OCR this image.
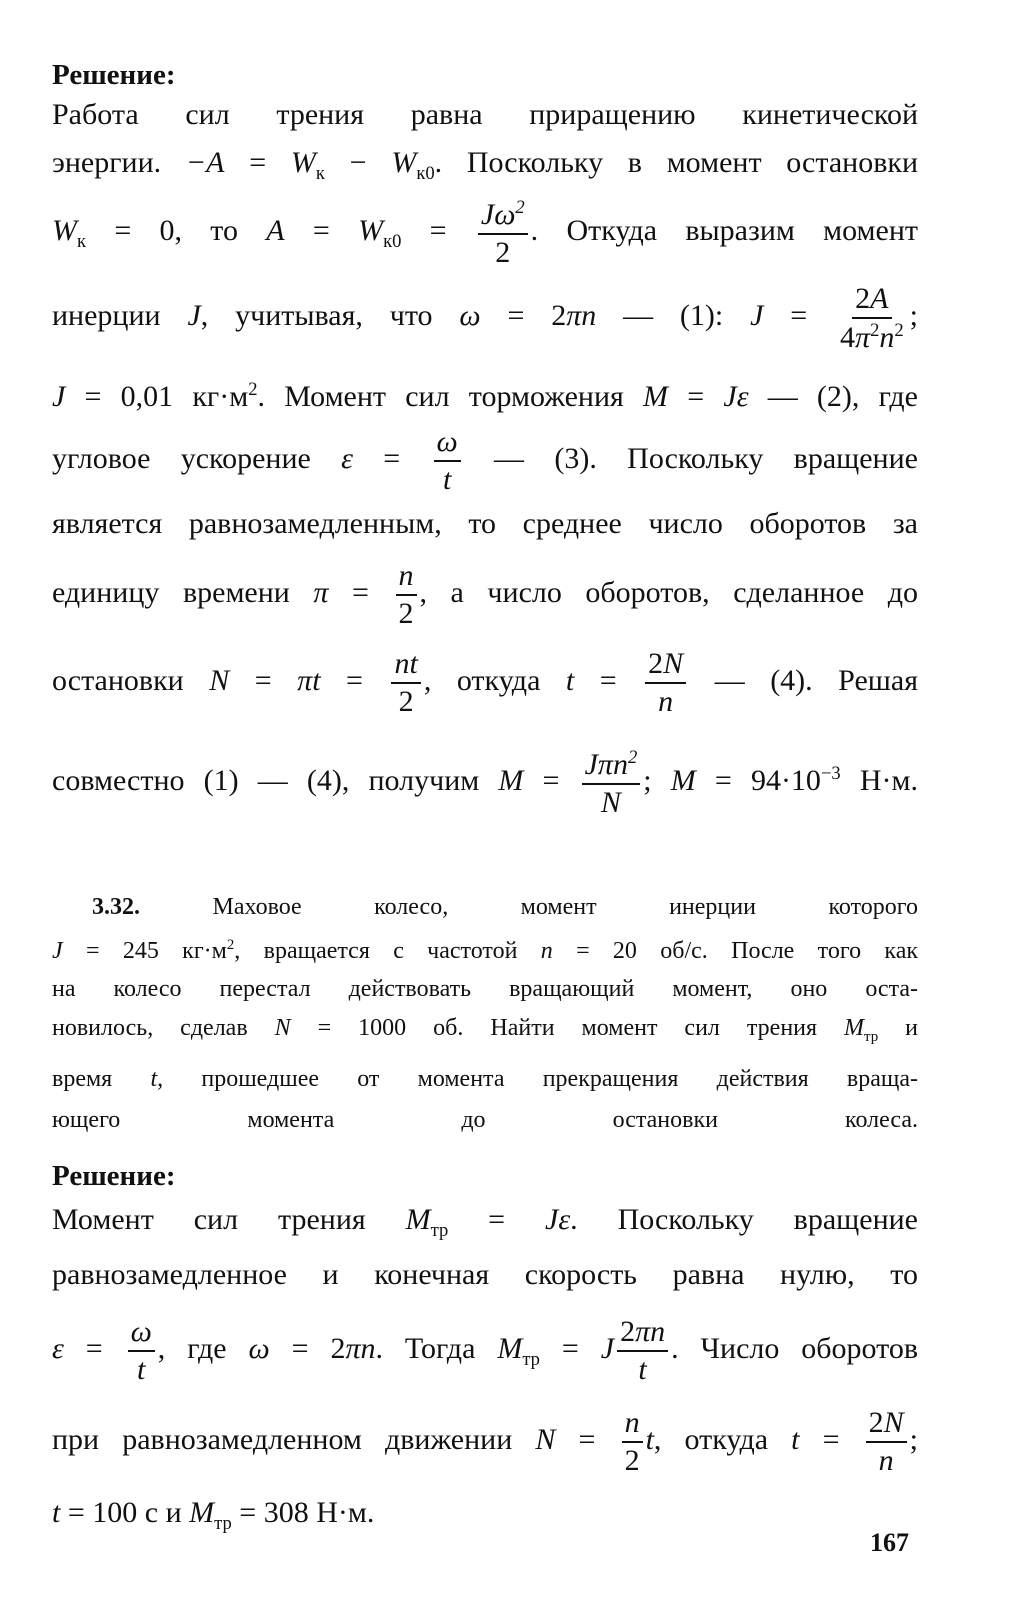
Решение:

Работа сил трения равна приращению кинетической
энергии. $-A = W_к - W_{к0}$. Поскольку в момент остановки
$W_к = 0$, то $A = W_{к0} = \frac{J\omega^2}{2}$ . Откуда выразим момент
инерции J, учитывая, что ω = 2πn — (1): $J = \frac{2A}{4\pi^2n^2}$ ;
J = 0,01 $кг\cdot м^2$. Момент сил торможения M = Jε — (2), где
угловое ускорение $\varepsilon = \frac{\omega}{t}$ — (3). Поскольку вращение
является равнозамедленным, то среднее число оборотов за
единицу времени $\pi = \frac{n}{2}$ , а число оборотов, сделанное до
остановки $N = \pi t = \frac{nt}{2}$ , откуда $t = \frac{2N}{n}$ — (4). Решая
совместно (1) — (4), получим $M = \frac{J\pi n^2}{N}$ ; $M = 94\cdot 10^{-3}$ Н·м.
3.32. Маховое колесо, момент инерции которого
J = 245 $кг\cdot м^2$, вращается с частотой n = 20 об/с. После того как
на колесо перестал действовать вращающий момент, оно оста-
новилось, сделав N = 1000 об. Найти момент сил трения $M_{тр}$ и
время t, прошедшее от момента прекращения действия враща-
ющего момента до остановки колеса.

Решение:

Момент сил трения $M_{тр} = J\varepsilon$. Поскольку вращение
равнозамедленное и конечная скорость равна нулю, то
$\varepsilon = \frac{\omega}{t}$ , где ω = 2πn. Тогда $M_{тр} = J \frac{2\pi n}{t}$ . Число оборотов
при равнозамедленном движении $N = \frac{n}{2} t$, откуда $t = \frac{2N}{n}$ ;
t = 100 с и $M_{тр} = 308$ Н·м.
167
